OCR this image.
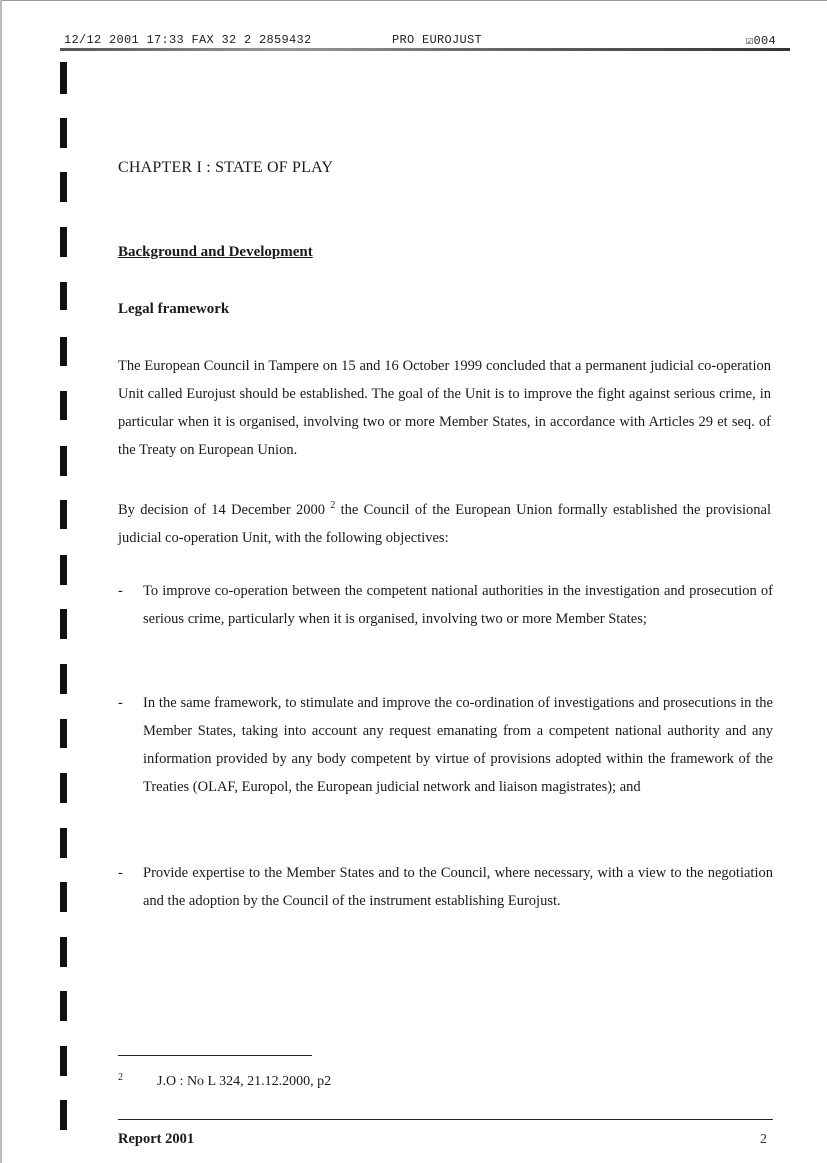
12/12 2001 17:33 FAX 32 2 2859432	PRO EUROJUST	☑004
CHAPTER I : STATE OF PLAY
Background and Development
Legal framework

The European Council in Tampere on 15 and 16 October 1999 concluded that a permanent judicial co-operation Unit called Eurojust should be established. The goal of the Unit is to improve the fight against serious crime, in particular when it is organised, involving two or more Member States, in accordance with Articles 29 et seq. of the Treaty on European Union.

By decision of 14 December 2000 $^2$ the Council of the European Union formally established the provisional judicial co-operation Unit, with the following objectives:

- To improve co-operation between the competent national authorities in the investigation and prosecution of serious crime, particularly when it is organised, involving two or more Member States;

- In the same framework, to stimulate and improve the co-ordination of investigations and prosecutions in the Member States, taking into account any request emanating from a competent national authority and any information provided by any body competent by virtue of provisions adopted within the framework of the Treaties (OLAF, Europol, the European judicial network and liaison magistrates); and

- Provide expertise to the Member States and to the Council, where necessary, with a view to the negotiation and the adoption by the Council of the instrument establishing Eurojust.

2 J.O : No L 324, 21.12.2000, p2
Report 2001	2
